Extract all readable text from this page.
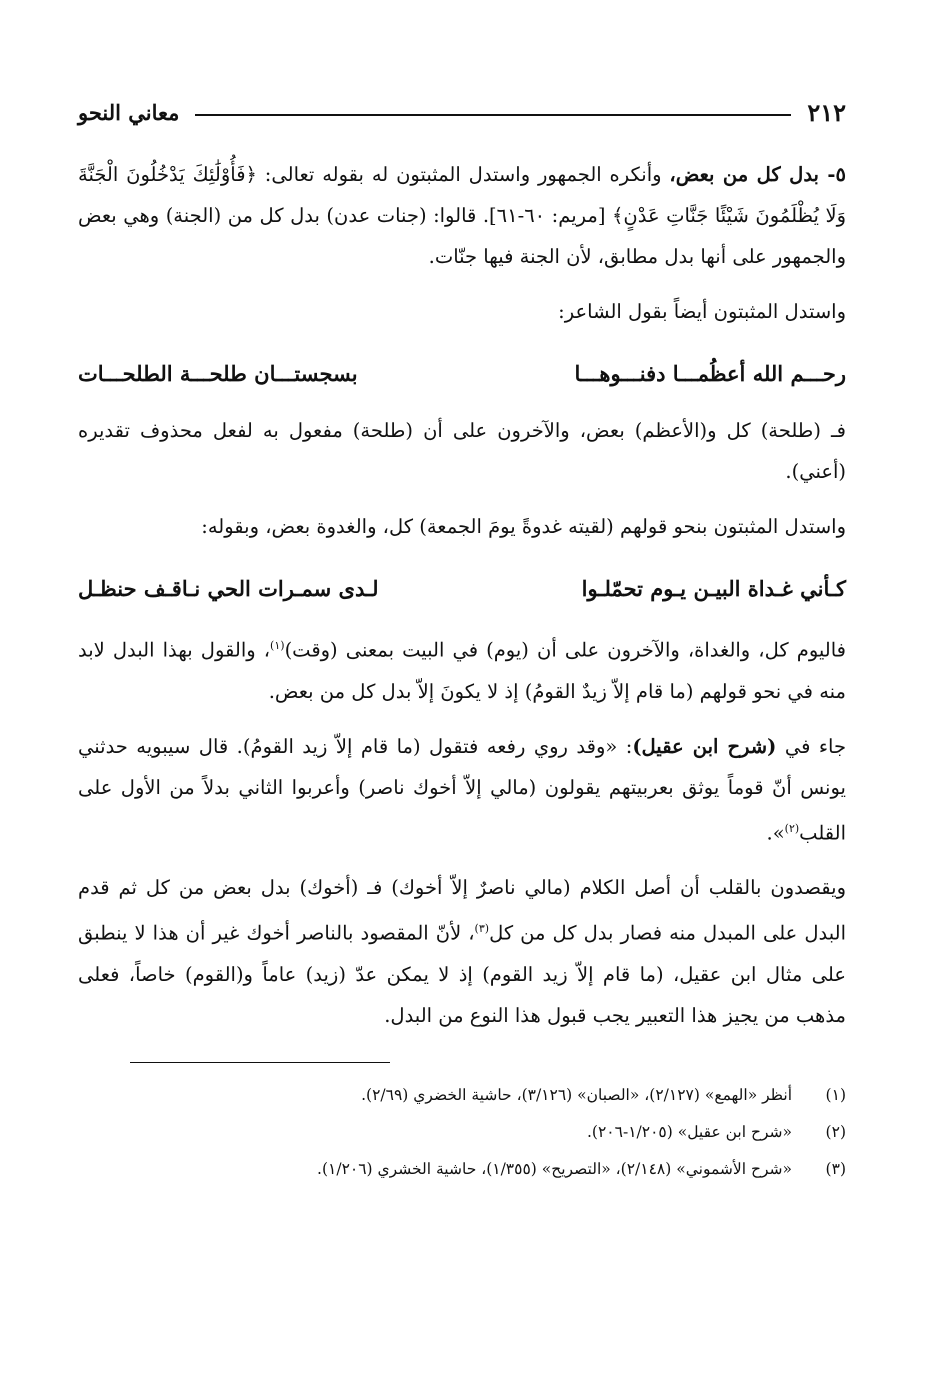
٢١٢
معاني النحو

٥- بدل كل من بعض، وأنكره الجمهور واستدل المثبتون له بقوله تعالى: ﴿فَأُوْلَٰئِكَ يَدْخُلُونَ الْجَنَّةَ وَلَا يُظْلَمُونَ شَيْئًا جَنَّاتِ عَدْنٍ﴾ [مريم: ٦٠-٦١]. قالوا: (جنات عدن) بدل كل من (الجنة) وهي بعض والجمهور على أنها بدل مطابق، لأن الجنة فيها جنّات.

واستدل المثبتون أيضاً بقول الشاعر:

رحـــم الله أعظُمـــا دفنـــوهـــا
بسجستـــان طلحـــة الطلحـــات

فـ (طلحة) كل و(الأعظم) بعض، والآخرون على أن (طلحة) مفعول به لفعل محذوف تقديره (أعني).

واستدل المثبتون بنحو قولهم (لقيته غدوةً يومَ الجمعة) كل، والغدوة بعض، وبقوله:

كـأني غـداة البيـن يـوم تحمّلـوا
لـدى سمـرات الحي نـاقـف حنظـل

فاليوم كل، والغداة، والآخرون على أن (يوم) في البيت بمعنى (وقت)$^{(١)}$، والقول بهذا البدل لابد منه في نحو قولهم (ما قام إلاّ زيدٌ القومُ) إذ لا يكونَ إلاّ بدل كل من بعض.

جاء في (شرح ابن عقيل): «وقد روي رفعه فتقول (ما قام إلاّ زيد القومُ). قال سيبويه حدثني يونس أنّ قوماً يوثق بعربيتهم يقولون (مالي إلاّ أخوك ناصر) وأعربوا الثاني بدلاً من الأول على القلب$^{(٢)}$».

ويقصدون بالقلب أن أصل الكلام (مالي ناصرٌ إلاّ أخوك) فـ (أخوك) بدل بعض من كل ثم قدم البدل على المبدل منه فصار بدل كل من كل$^{(٣)}$، لأنّ المقصود بالناصر أخوك غير أن هذا لا ينطبق على مثال ابن عقيل، (ما قام إلاّ زيد القوم) إذ لا يمكن عدّ (زيد) عاماً و(القوم) خاصاً، فعلى مذهب من يجيز هذا التعبير يجب قبول هذا النوع من البدل.

(١)
أنظر «الهمع» (٢/١٢٧)، «الصبان» (٣/١٢٦)، حاشية الخضري (٢/٦٩).
(٢)
«شرح ابن عقيل» (١/٢٠٥-٢٠٦).
(٣)
«شرح الأشموني» (٢/١٤٨)، «التصريح» (١/٣٥٥)، حاشية الخشري (١/٢٠٦).
